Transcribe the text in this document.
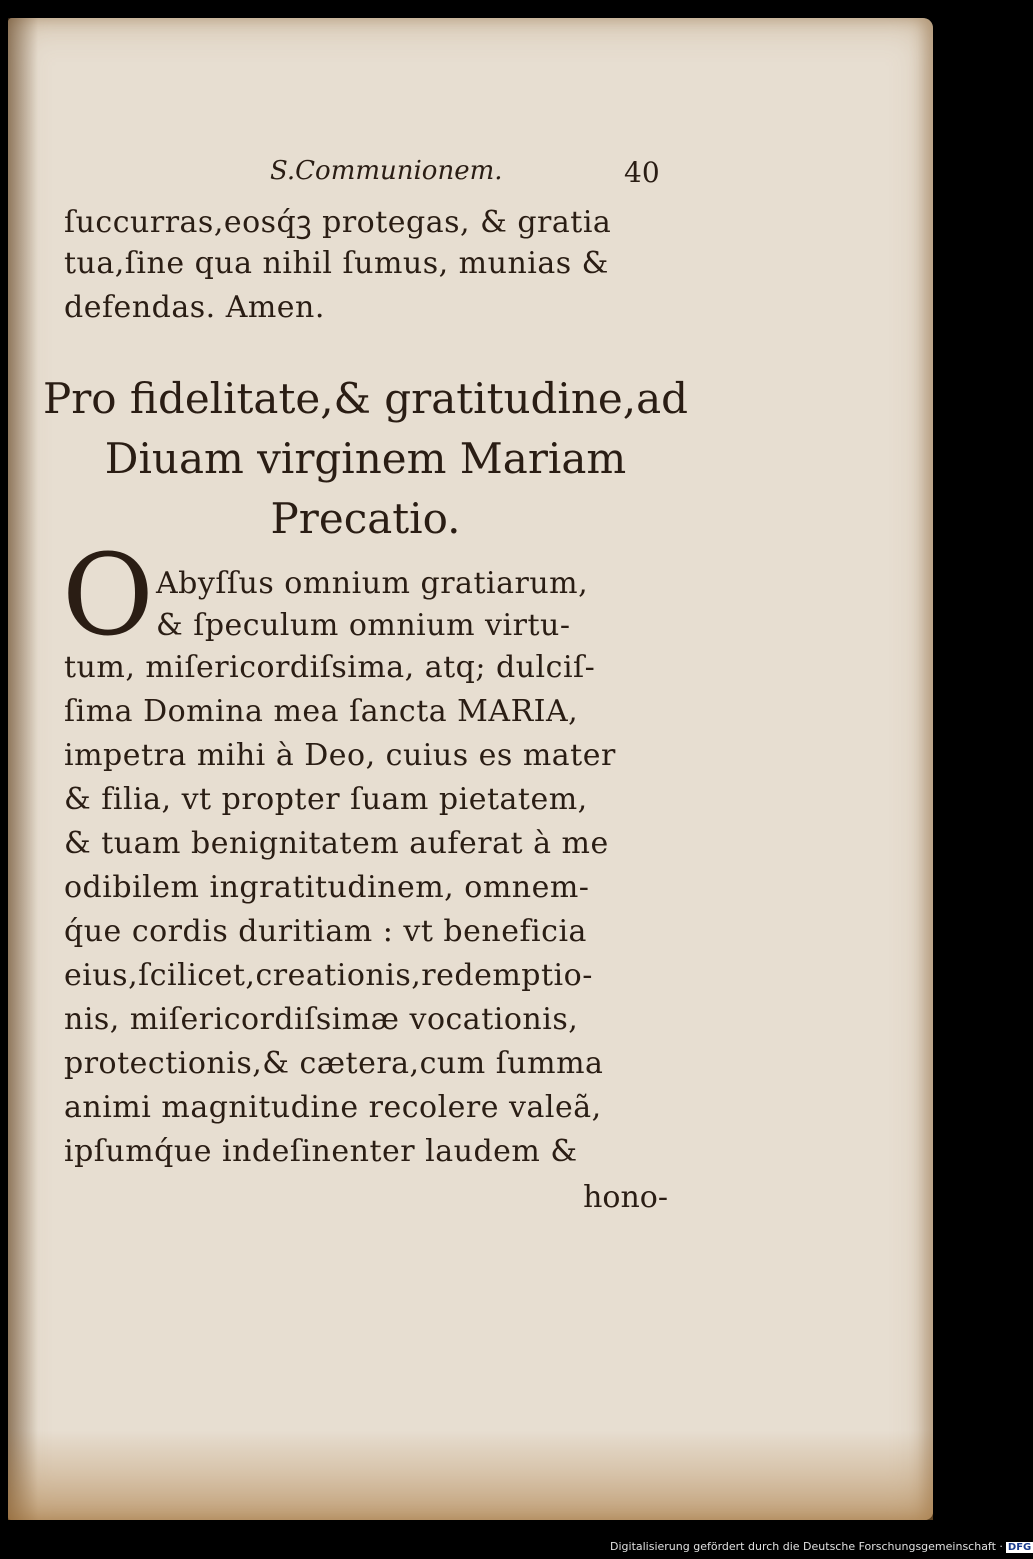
S.Communionem.	40

ſuccurras,eosq́ꝫ protegas, & gratia

tua,ſine qua nihil ſumus, munias &

defendas. Amen.

Pro fidelitate,& gratitudine,ad

Diuam virginem Mariam

Precatio.

O Abyſſus omnium gratiarum,

& ſpeculum omnium virtu-

tum, miſericordiſsima, atq; dulciſ-

ſima Domina mea ſancta MARIA,

impetra mihi à Deo, cuius es mater

& filia, vt propter ſuam pietatem,

& tuam benignitatem auferat à me

odibilem ingratitudinem, omnem-

q́ue cordis duritiam : vt beneficia

eius,ſcilicet,creationis,redemptio-

nis, miſericordiſsimæ vocationis,

protectionis,& cætera,cum ſumma

animi magnitudine recolere valeã,

ipſumq́ue indeſinenter laudem &

hono-

Digitalisierung gefördert durch die Deutsche Forschungsgemeinschaft · DFG
